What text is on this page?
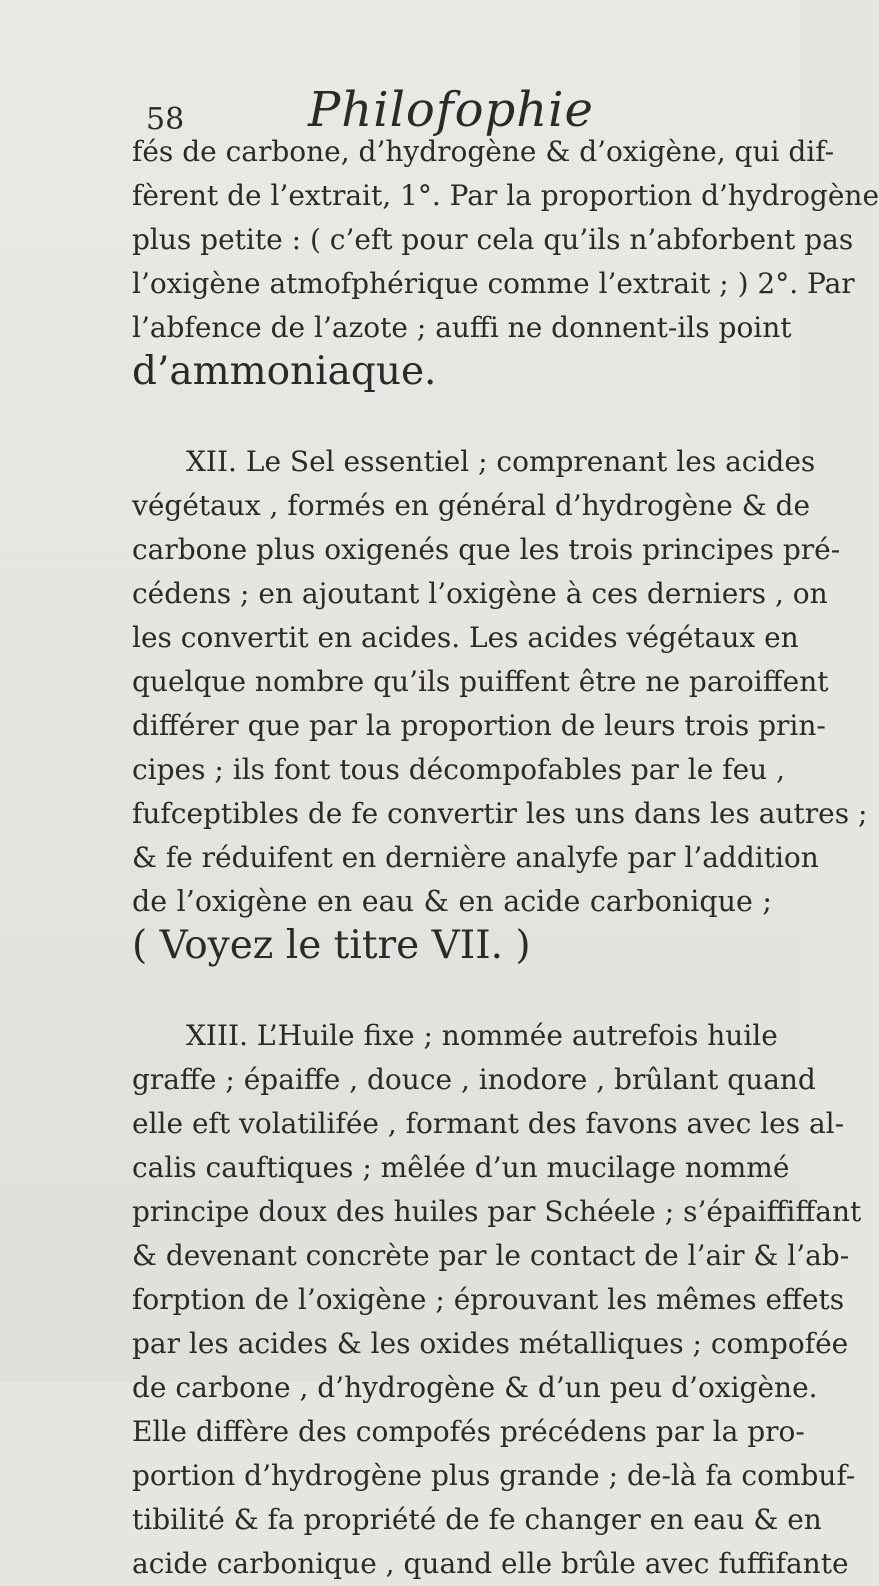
58	Philofophie
fés de carbone, d’hydrogène & d’oxigène, qui dif-
fèrent de l’extrait, 1°. Par la proportion d’hydrogène
plus petite : ( c’eft pour cela qu’ils n’abforbent pas
l’oxigène atmofphérique comme l’extrait ; ) 2°. Par
l’abfence de l’azote ; auffi ne donnent-ils point
d’ammoniaque.
XII. Le Sel essentiel ; comprenant les acides
végétaux , formés en général d’hydrogène & de
carbone plus oxigenés que les trois principes pré-
cédens ; en ajoutant l’oxigène à ces derniers , on
les convertit en acides. Les acides végétaux en
quelque nombre qu’ils puiffent être ne paroiffent
différer que par la proportion de leurs trois prin-
cipes ; ils font tous décompofables par le feu ,
fufceptibles de fe convertir les uns dans les autres ;
& fe réduifent en dernière analyfe par l’addition
de l’oxigène en eau & en acide carbonique ;
( Voyez le titre VII. )
XIII. L’Huile fixe ; nommée autrefois huile
graffe ; épaiffe , douce , inodore , brûlant quand
elle eft volatilifée , formant des favons avec les al-
calis cauftiques ; mêlée d’un mucilage nommé
principe doux des huiles par Schéele ; s’épaiffiffant
& devenant concrète par le contact de l’air & l’ab-
forption de l’oxigène ; éprouvant les mêmes effets
par les acides & les oxides métalliques ; compofée
de carbone , d’hydrogène & d’un peu d’oxigène.
Elle diffère des compofés précédens par la pro-
portion d’hydrogène plus grande ; de-là fa combuf-
tibilité & fa propriété de fe changer en eau & en
acide carbonique , quand elle brûle avec fuffifante
